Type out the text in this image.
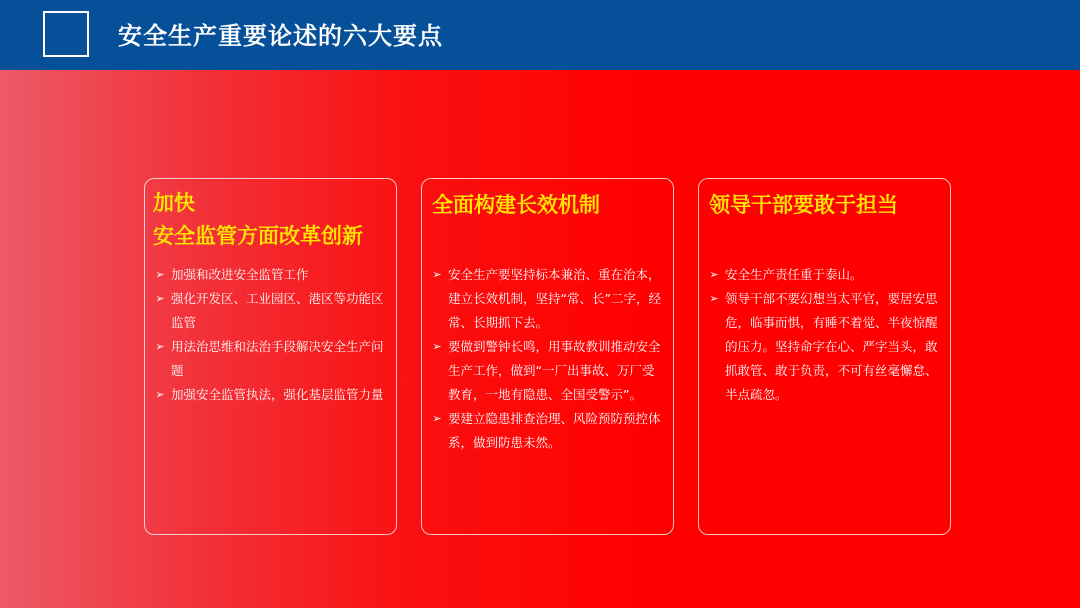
安全生产重要论述的六大要点
加快
安全监管方面改革创新
➢ 加强和改进安全监管工作
➢ 强化开发区、工业园区、港区等功能区监管
➢ 用法治思维和法治手段解决安全生产问题
➢ 加强安全监管执法，强化基层监管力量
全面构建长效机制
➢ 安全生产要坚持标本兼治、重在治本，建立长效机制，坚持“常、长”二字，经常、长期抓下去。
➢ 要做到警钟长鸣，用事故教训推动安全生产工作，做到“一厂出事故、万厂受教育，一地有隐患、全国受警示”。
➢ 要建立隐患排查治理、风险预防预控体系，做到防患未然。
领导干部要敢于担当
➢ 安全生产责任重于泰山。
➢ 领导干部不要幻想当太平官，要居安思危，临事而惧，有睡不着觉、半夜惊醒的压力。坚持命字在心、严字当头，敢抓敢管、敢于负责，不可有丝毫懈怠、半点疏忽。
